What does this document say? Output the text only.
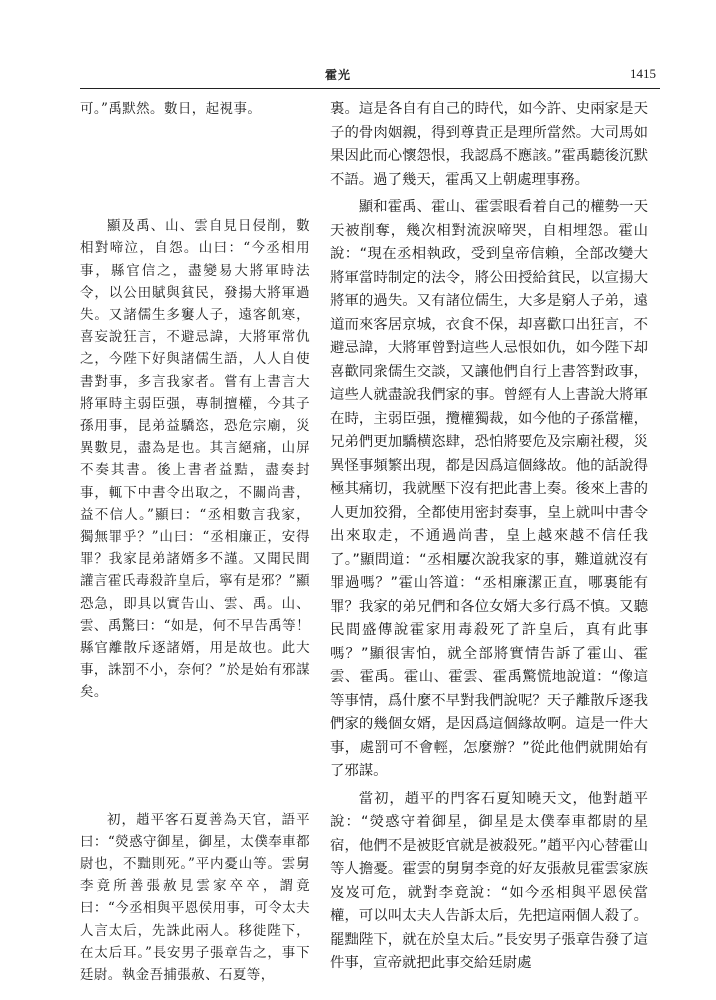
霍光	1415

可。”禹默然。數日，起視事。

顯及禹、山、雲自見日侵削，數相對啼泣，自怨。山曰：“今丞相用事，縣官信之，盡變易大將軍時法令，以公田賦與貧民，發揚大將軍過失。又諸儒生多窶人子，遠客飢寒，喜妄說狂言，不避忌諱，大將軍常仇之，今陛下好與諸儒生語，人人自使書對事，多言我家者。嘗有上書言大將軍時主弱臣强，專制擅權，今其子孫用事，昆弟益驕恣，恐危宗廟，災異數見，盡為是也。其言絕痛，山屏不奏其書。後上書者益黠，盡奏封事，輒下中書令出取之，不關尚書，益不信人。”顯曰：“丞相數言我家，獨無罪乎？”山曰：“丞相廉正，安得罪？我家昆弟諸婿多不謹。又聞民間讙言霍氏毒殺許皇后，寧有是邪？”顯恐急，即具以實告山、雲、禹。山、雲、禹驚曰：“如是，何不早告禹等！縣官離散斥逐諸婿，用是故也。此大事，誅罰不小，奈何？”於是始有邪謀矣。

初，趙平客石夏善為天官，語平曰：“熒惑守御星，御星，太僕奉車都尉也，不黜則死。”平内憂山等。雲舅李竟所善張赦見雲家卒卒，謂竟曰：“今丞相與平恩侯用事，可令太夫人言太后，先誅此兩人。移徙陛下，在太后耳。”長安男子張章告之，事下廷尉。執金吾捕張赦、石夏等，

裏。這是各自有自己的時代，如今許、史兩家是天子的骨肉姻親，得到尊貴正是理所當然。大司馬如果因此而心懷怨恨，我認爲不應該。”霍禹聽後沉默不語。過了幾天，霍禹又上朝處理事務。

顯和霍禹、霍山、霍雲眼看着自己的權勢一天天被削奪，幾次相對流淚啼哭，自相埋怨。霍山說：“現在丞相執政，受到皇帝信賴，全部改變大將軍當時制定的法令，將公田授給貧民，以宣揚大將軍的過失。又有諸位儒生，大多是窮人子弟，遠道而來客居京城，衣食不保，却喜歡口出狂言，不避忌諱，大將軍曾對這些人忌恨如仇，如今陛下却喜歡同衆儒生交談，又讓他們自行上書答對政事，這些人就盡說我們家的事。曾經有人上書說大將軍在時，主弱臣强，攬權獨裁，如今他的子孫當權，兄弟們更加驕横恣肆，恐怕將要危及宗廟社稷，災異怪事頻繁出現，都是因爲這個緣故。他的話說得極其痛切，我就壓下沒有把此書上奏。後來上書的人更加狡猾，全都使用密封奏事，皇上就叫中書令出來取走，不通過尚書，皇上越來越不信任我了。”顯問道：“丞相屢次說我家的事，難道就沒有罪過嗎？”霍山答道：“丞相廉潔正直，哪裏能有罪？我家的弟兄們和各位女婿大多行爲不慎。又聽民間盛傳說霍家用毒殺死了許皇后，真有此事嗎？”顯很害怕，就全部將實情告訴了霍山、霍雲、霍禹。霍山、霍雲、霍禹驚慌地說道：“像這等事情，爲什麼不早對我們說呢？天子離散斥逐我們家的幾個女婿，是因爲這個緣故啊。這是一件大事，處罰可不會輕，怎麼辦？”從此他們就開始有了邪謀。

當初，趙平的門客石夏知曉天文，他對趙平說：“熒惑守着御星，御星是太僕奉車都尉的星宿，他們不是被貶官就是被殺死。”趙平內心替霍山等人擔憂。霍雲的舅舅李竟的好友張赦見霍雲家族岌岌可危，就對李竟說：“如今丞相與平恩侯當權，可以叫太夫人告訴太后，先把這兩個人殺了。罷黜陛下，就在於皇太后。”長安男子張章告發了這件事，宣帝就把此事交給廷尉處
